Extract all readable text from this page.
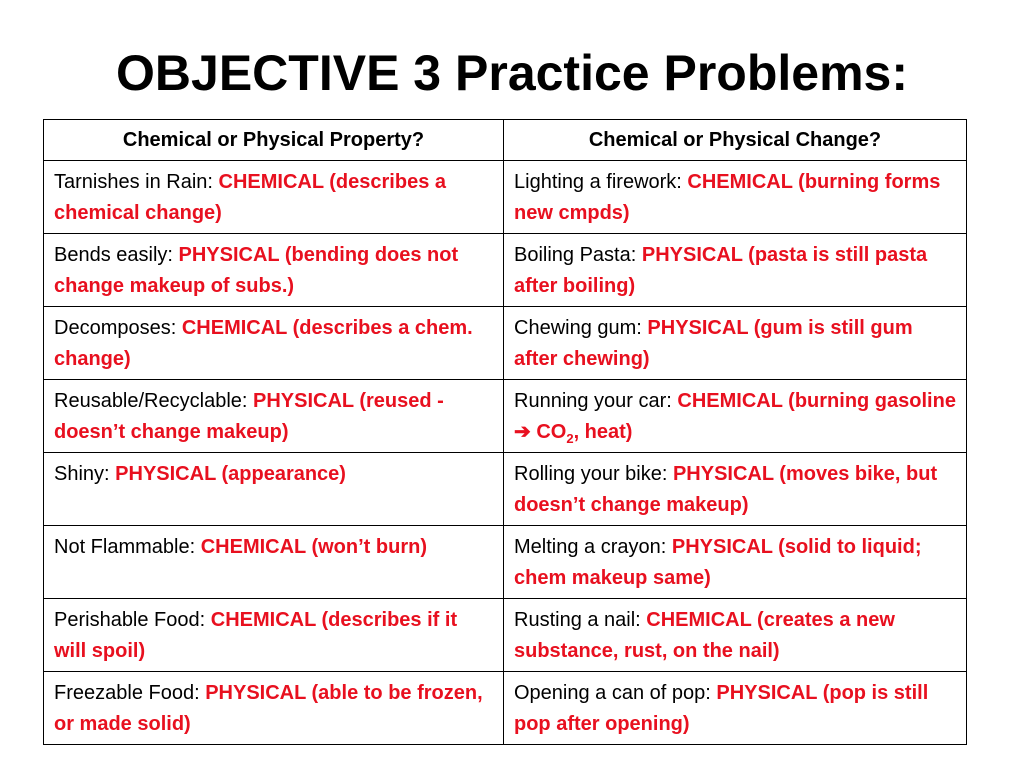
OBJECTIVE 3 Practice Problems:
Chemical or Physical Property?	Chemical or Physical Change?
Tarnishes in Rain: CHEMICAL (describes a chemical change)	Lighting a firework: CHEMICAL (burning forms new cmpds)
Bends easily: PHYSICAL (bending does not change makeup of subs.)	Boiling Pasta: PHYSICAL (pasta is still pasta after boiling)
Decomposes: CHEMICAL (describes a chem. change)	Chewing gum: PHYSICAL (gum is still gum after chewing)
Reusable/Recyclable: PHYSICAL (reused - doesn’t change makeup)	Running your car: CHEMICAL (burning gasoline ➔ $CO_2$, heat)
Shiny: PHYSICAL (appearance)	Rolling your bike: PHYSICAL (moves bike, but doesn’t change makeup)
Not Flammable: CHEMICAL (won’t burn)	Melting a crayon: PHYSICAL (solid to liquid; chem makeup same)
Perishable Food: CHEMICAL (describes if it will spoil)	Rusting a nail: CHEMICAL (creates a new substance, rust, on the nail)
Freezable Food: PHYSICAL (able to be frozen, or made solid)	Opening a can of pop: PHYSICAL (pop is still pop after opening)
